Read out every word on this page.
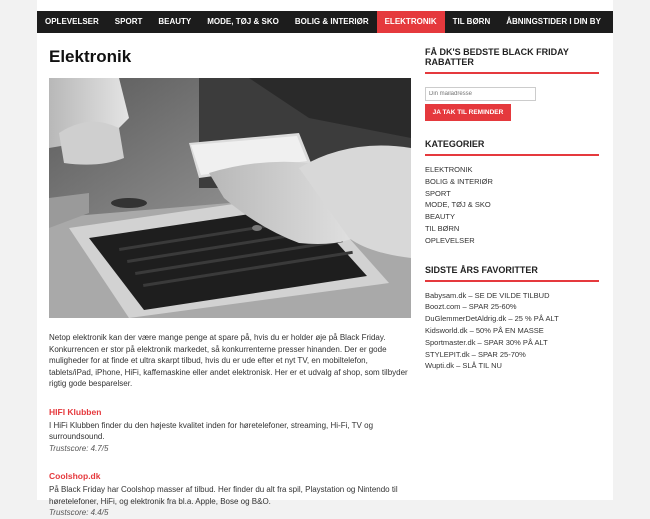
OPLEVELSER	SPORT	BEAUTY	MODE, TØJ & SKO	BOLIG & INTERIØR	ELEKTRONIK	TIL BØRN	ÅBNINGSTIDER I DIN BY
Elektronik

Netop elektronik kan der være mange penge at spare på, hvis du er holder øje på Black Friday. Konkurrencen er stor på elektronik markedet, så konkurrenterne presser hinanden. Der er gode muligheder for at finde et ultra skarpt tilbud, hvis du er ude efter et nyt TV, en mobiltelefon, tablets/iPad, iPhone, HiFi, kaffemaskine eller andet elektronisk. Her er et udvalg af shop, som tilbyder rigtig gode besparelser.

HIFI Klubben

I HiFi Klubben finder du den højeste kvalitet inden for høretelefoner, streaming, Hi-Fi, TV og surroundsound.

Trustscore: 4.7/5

Coolshop.dk

På Black Friday har Coolshop masser af tilbud. Her finder du alt fra spil, Playstation og Nintendo til høretelefoner, HiFi, og elektronik fra bl.a. Apple, Bose og B&O.

Trustscore: 4.4/5

FÅ DK'S BEDSTE BLACK FRIDAY RABATTER
Din mailadresse
JA TAK TIL REMINDER
KATEGORIER
ELEKTRONIK
BOLIG & INTERIØR
SPORT
MODE, TØJ & SKO
BEAUTY
TIL BØRN
OPLEVELSER
SIDSTE ÅRS FAVORITTER
Babysam.dk – SE DE VILDE TILBUD
Boozt.com – SPAR 25-60%
DuGlemmerDetAldrig.dk – 25 % PÅ ALT
Kidsworld.dk – 50% PÅ EN MASSE
Sportmaster.dk – SPAR 30% PÅ ALT
STYLEPIT.dk – SPAR 25-70%
Wupti.dk – SLÅ TIL NU
